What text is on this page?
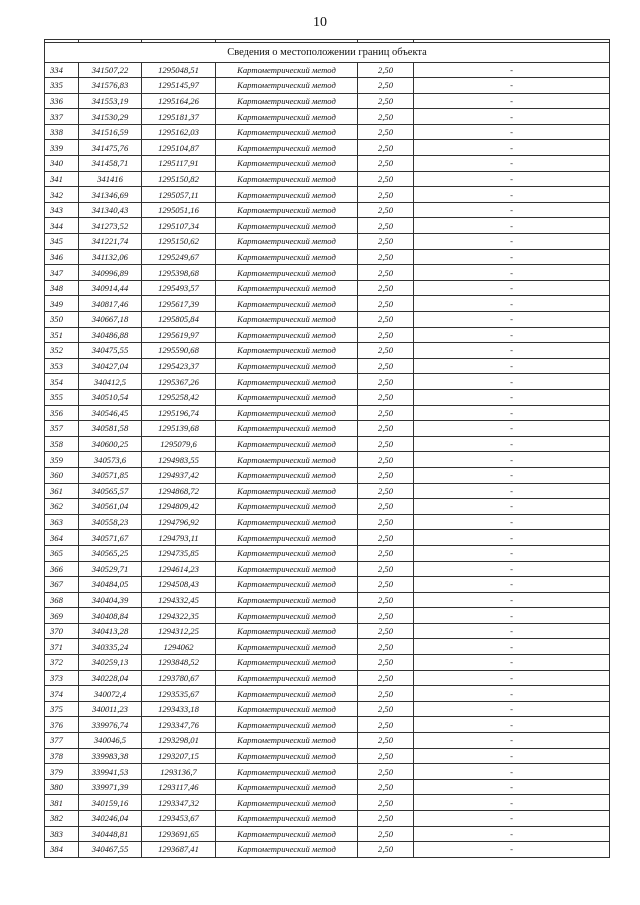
10

Сведения о местоположении границ объекта					
334	341507,22	1295048,51	Картометрический метод	2,50	-
335	341576,83	1295145,97	Картометрический метод	2,50	-
336	341553,19	1295164,26	Картометрический метод	2,50	-
337	341530,29	1295181,37	Картометрический метод	2,50	-
338	341516,59	1295162,03	Картометрический метод	2,50	-
339	341475,76	1295104,87	Картометрический метод	2,50	-
340	341458,71	1295117,91	Картометрический метод	2,50	-
341	341416	1295150,82	Картометрический метод	2,50	-
342	341346,69	1295057,11	Картометрический метод	2,50	-
343	341340,43	1295051,16	Картометрический метод	2,50	-
344	341273,52	1295107,34	Картометрический метод	2,50	-
345	341221,74	1295150,62	Картометрический метод	2,50	-
346	341132,06	1295249,67	Картометрический метод	2,50	-
347	340996,89	1295398,68	Картометрический метод	2,50	-
348	340914,44	1295493,57	Картометрический метод	2,50	-
349	340817,46	1295617,39	Картометрический метод	2,50	-
350	340667,18	1295805,84	Картометрический метод	2,50	-
351	340486,88	1295619,97	Картометрический метод	2,50	-
352	340475,55	1295590,68	Картометрический метод	2,50	-
353	340427,04	1295423,37	Картометрический метод	2,50	-
354	340412,5	1295367,26	Картометрический метод	2,50	-
355	340510,54	1295258,42	Картометрический метод	2,50	-
356	340546,45	1295196,74	Картометрический метод	2,50	-
357	340581,58	1295139,68	Картометрический метод	2,50	-
358	340600,25	1295079,6	Картометрический метод	2,50	-
359	340573,6	1294983,55	Картометрический метод	2,50	-
360	340571,85	1294937,42	Картометрический метод	2,50	-
361	340565,57	1294868,72	Картометрический метод	2,50	-
362	340561,04	1294809,42	Картометрический метод	2,50	-
363	340558,23	1294796,92	Картометрический метод	2,50	-
364	340571,67	1294793,11	Картометрический метод	2,50	-
365	340565,25	1294735,85	Картометрический метод	2,50	-
366	340529,71	1294614,23	Картометрический метод	2,50	-
367	340484,05	1294508,43	Картометрический метод	2,50	-
368	340404,39	1294332,45	Картометрический метод	2,50	-
369	340408,84	1294322,35	Картометрический метод	2,50	-
370	340413,28	1294312,25	Картометрический метод	2,50	-
371	340335,24	1294062	Картометрический метод	2,50	-
372	340259,13	1293848,52	Картометрический метод	2,50	-
373	340228,04	1293780,67	Картометрический метод	2,50	-
374	340072,4	1293535,67	Картометрический метод	2,50	-
375	340011,23	1293433,18	Картометрический метод	2,50	-
376	339976,74	1293347,76	Картометрический метод	2,50	-
377	340046,5	1293298,01	Картометрический метод	2,50	-
378	339983,38	1293207,15	Картометрический метод	2,50	-
379	339941,53	1293136,7	Картометрический метод	2,50	-
380	339971,39	1293117,46	Картометрический метод	2,50	-
381	340159,16	1293347,32	Картометрический метод	2,50	-
382	340246,04	1293453,67	Картометрический метод	2,50	-
383	340448,81	1293691,65	Картометрический метод	2,50	-
384	340467,55	1293687,41	Картометрический метод	2,50	-
